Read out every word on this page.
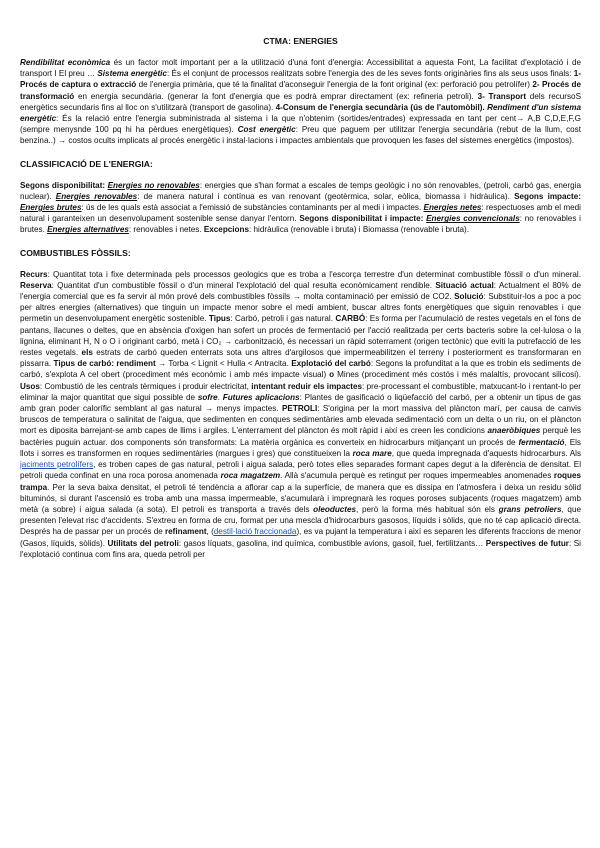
CTMA: ENERGIES

Rendibilitat econòmica és un factor molt important per a la utilització d'una font d'energia: Accessibilitat a aquesta Font, La facilitat d'explotació i de transport I El preu … Sistema energètic: És el conjunt de processos realitzats sobre l'energia des de les seves fonts originàries fins als seus usos finals: 1- Procés de captura o extracció de l'energia primària, que té la finalitat d'aconseguir l'energia de la font original (ex: perforació pou petrolífer) 2- Procés de transformació en energia secundària. (generar la font d'energia que es podrà emprar directament (ex: refineria petroli). 3- Transport dels recursoS energètics secundaris fins al lloc on s'utilitzarà (transport de gasolina). 4-Consum de l'energia secundària (ús de l'automòbil). Rendiment d'un sistema energètic: És la relació entre l'energia subministrada al sistema i la que n'obtenim (sortides/entrades) expressada en tant per cent→ A,B C,D,E,F,G (sempre menysnde 100 pq hi ha pèrdues energètiques). Cost energètic: Preu que paguem per utilitzar l'energia secundària (rebut de la llum, cost benzina..) → costos ocults implicats al procés energètic i instal·lacions i impactes ambientals que provoquen les fases del sistemes energètics (impostos).

CLASSIFICACIÓ DE L'ENERGIA:

Segons disponibilitat: Energies no renovables: energies que s'han format a escales de temps geològic i no són renovables, (petroli, carbó gas, energia nuclear). Energies renovables: de manera natural i contínua es van renovant (geotèrmica, solar, eòlica, biomassa i hidràulica). Segons impacte: Energies brutes: ús de les quals està associat a l'emissió de substàncies contaminants per al medi i impactes. Energies netes: respectuoses amb el medi natural i garanteixen un desenvolupament sostenible sense danyar l'entorn. Segons disponibilitat i impacte: Energies convencionals: no renovables i brutes. Energies alternatives: renovables i netes. Excepcions: hidràulica (renovable i bruta) i Biomassa (renovable i bruta).

COMBUSTIBLES FÒSSILS:

Recurs: Quantitat tota i fixe determinada pels processos geologics que es troba a l'escorça terrestre d'un determinat combustible fòssil o d'un mineral. Reserva: Quantitat d'un combustible fòssil o d'un mineral l'explotació del qual resulta econòmicament rendible. Situació actual: Actualment el 80% de l'energia comercial que es fa servir al món prové dels combustibles fòssils → molta contaminació per emissió de CO2. Solució: Substituir-los a poc a poc per altres energies (alternatives) que tinguin un impacte menor sobre el medi ambient, buscar altres fonts energètiques que siguin renovables i que permetin un desenvolupament energètic sostenible. Tipus: Carbó, petroli i gas natural. CARBÓ: Es forma per l'acumulació de restes vegetals en el fons de pantans, llacunes o deltes, que en absència d'oxigen han sofert un procés de fermentació per l'acció realitzada per certs bacteris sobre la cel·lulosa o la lignina, eliminant H, N o O i originant carbó, metà i CO₂ → carbonització, és necessari un ràpid soterrament (origen tectònic) que eviti la putrefacció de les restes vegetals. els estrats de carbó queden enterrats sota uns altres d'argilosos que impermeabilitzen el terreny i posteriorment es transformaran en pissarra. Tipus de carbó: rendiment → Torba < Lignit < Hulla < Antracita. Explotació del carbó: Segons la profunditat a la que es trobin els sediments de carbó, s'explota A cel obert (procediment més econòmic i amb més impacte visual) o Mines (procediment més costós i més malaltís, provocant silicosi). Usos: Combustió de les centrals tèrmiques i produir electricitat, intentant reduir els impactes: pre-processant el combustible, matxucant-lo i rentant-lo per eliminar la major quantitat que sigui possible de sofre. Futures aplicacions: Plantes de gasificació o liqüefacció del carbó, per a obtenir un tipus de gas amb gran poder calorífic semblant al gas natural → menys impactes. PETROLI: S'origina per la mort massiva del plàncton marí, per causa de canvis bruscos de temperatura o salinitat de l'aigua, que sedimenten en conques sedimentàries amb elevada sedimentació com un delta o un riu, on el plàncton mort es diposita barrejant-se amb capes de llims i argiles. L'enterrament del plàncton és molt ràpid i així es creen les condicions anaeròbiques perquè les bactèries puguin actuar. dos components són transformats: La matèria orgànica es converteix en hidrocarburs mitjançant un procés de fermentació, Els llots i sorres es transformen en roques sedimentàries (margues i gres) que constitueixen la roca mare, que queda impregnada d'aquests hidrocarburs. Als jaciments petrolífers, es troben capes de gas natural, petroli i aigua salada, però totes elles separades formant capes degut a la diferència de densitat. El petroli queda confinat en una roca porosa anomenada roca magatzem. Allà s'acumula perquè es retingut per roques impermeables anomenades roques trampa. Per la seva baixa densitat, el petroli té tendència a aflorar cap a la superfície, de manera que es dissipa en l'atmosfera i deixa un residu sòlid bituminós, si durant l'ascensió es troba amb una massa impermeable, s'acumularà i impregnarà les roques poroses subjacents (roques magatzem) amb metà (a sobre) i aigua salada (a sota). El petroli es transporta a través dels oleoductes, però la forma més habitual són els grans petroliers, que presenten l'elevat risc d'accidents. S'extreu en forma de cru, format per una mescla d'hidrocarburs gasosos, líquids i sòlids, que no té cap aplicació directa. Després ha de passar per un procés de refinament, (destil·lació fraccionada), es va pujant la temperatura i així es separen les diferents fraccions de menor (Gasos, líquids, sòlids). Utilitats del petroli: gasos líquats, gasolina, ind química, combustible avions, gasoil, fuel, fertilitzants… Perspectives de futur: Si l'explotació continua com fins ara, queda petroli per
